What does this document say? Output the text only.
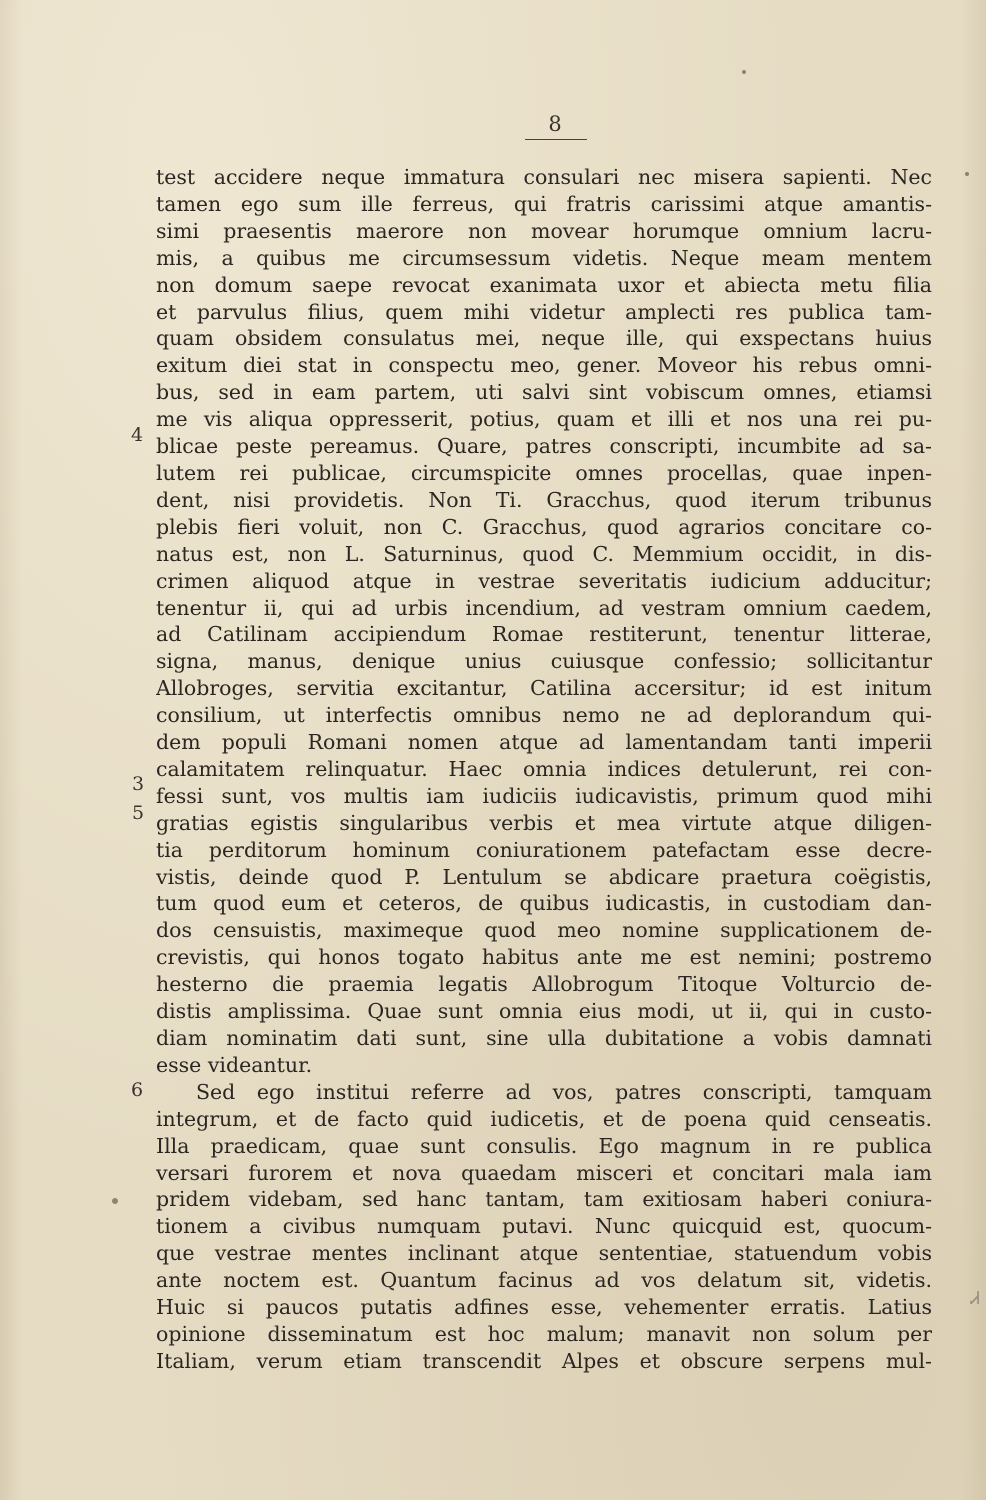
8
4
3
5
6
Ꮧ
test accidere neque immatura consulari nec misera sapienti. Nec
tamen ego sum ille ferreus, qui fratris carissimi atque amantis-
simi praesentis maerore non movear horumque omnium lacru-
mis, a quibus me circumsessum videtis. Neque meam mentem
non domum saepe revocat exanimata uxor et abiecta metu filia
et parvulus filius, quem mihi videtur amplecti res publica tam-
quam obsidem consulatus mei, neque ille, qui exspectans huius
exitum diei stat in conspectu meo, gener. Moveor his rebus omni-
bus, sed in eam partem, uti salvi sint vobiscum omnes, etiamsi
me vis aliqua oppresserit, potius, quam et illi et nos una rei pu-
blicae peste pereamus. Quare, patres conscripti, incumbite ad sa-
lutem rei publicae, circumspicite omnes procellas, quae inpen-
dent, nisi providetis. Non Ti. Gracchus, quod iterum tribunus
plebis fieri voluit, non C. Gracchus, quod agrarios concitare co-
natus est, non L. Saturninus, quod C. Memmium occidit, in dis-
crimen aliquod atque in vestrae severitatis iudicium adducitur;
tenentur ii, qui ad urbis incendium, ad vestram omnium caedem,
ad Catilinam accipiendum Romae restiterunt, tenentur litterae,
signa, manus, denique unius cuiusque confessio; sollicitantur
Allobroges, servitia excitantur, Catilina accersitur; id est initum
consilium, ut interfectis omnibus nemo ne ad deplorandum qui-
dem populi Romani nomen atque ad lamentandam tanti imperii
calamitatem relinquatur. Haec omnia indices detulerunt, rei con-
fessi sunt, vos multis iam iudiciis iudicavistis, primum quod mihi
gratias egistis singularibus verbis et mea virtute atque diligen-
tia perditorum hominum coniurationem patefactam esse decre-
vistis, deinde quod P. Lentulum se abdicare praetura coëgistis,
tum quod eum et ceteros, de quibus iudicastis, in custodiam dan-
dos censuistis, maximeque quod meo nomine supplicationem de-
crevistis, qui honos togato habitus ante me est nemini; postremo
hesterno die praemia legatis Allobrogum Titoque Volturcio de-
distis amplissima. Quae sunt omnia eius modi, ut ii, qui in custo-
diam nominatim dati sunt, sine ulla dubitatione a vobis damnati
esse videantur.
Sed ego institui referre ad vos, patres conscripti, tamquam
integrum, et de facto quid iudicetis, et de poena quid censeatis.
Illa praedicam, quae sunt consulis. Ego magnum in re publica
versari furorem et nova quaedam misceri et concitari mala iam
pridem videbam, sed hanc tantam, tam exitiosam haberi coniura-
tionem a civibus numquam putavi. Nunc quicquid est, quocum-
que vestrae mentes inclinant atque sententiae, statuendum vobis
ante noctem est. Quantum facinus ad vos delatum sit, videtis.
Huic si paucos putatis adfines esse, vehementer erratis. Latius
opinione disseminatum est hoc malum; manavit non solum per
Italiam, verum etiam transcendit Alpes et obscure serpens mul-
